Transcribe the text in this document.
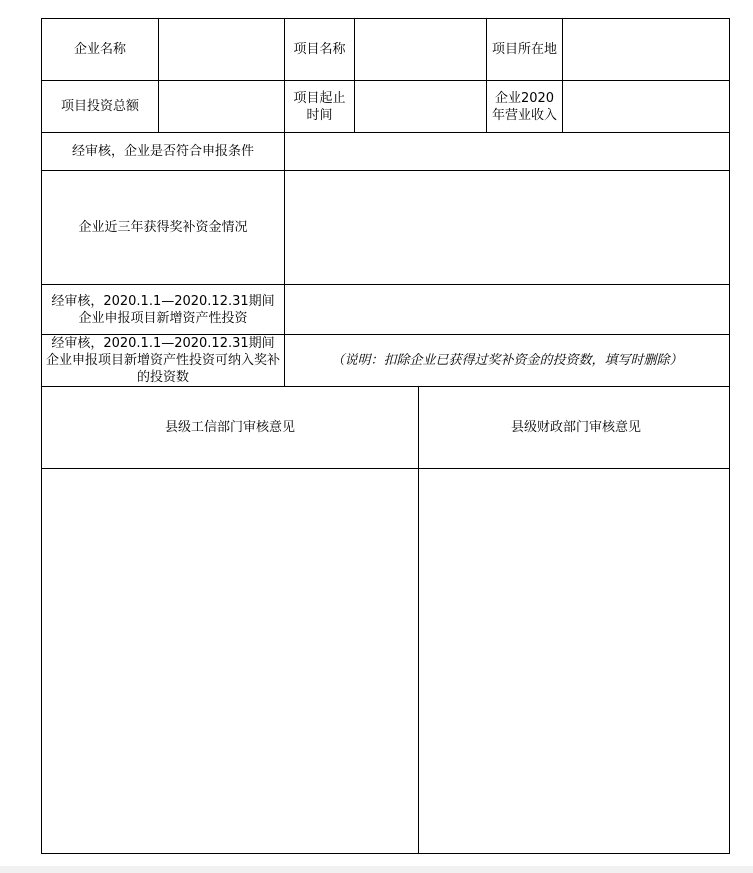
企业名称		项目名称			项目所在地	
项目投资总额		项目起止时间			企业2020年营业收入	
经审核，企业是否符合申报条件						
企业近三年获得奖补资金情况						
经审核，2020.1.1—2020.12.31期间企业申报项目新增资产性投资						
经审核，2020.1.1—2020.12.31期间企业申报项目新增资产性投资可纳入奖补的投资数		（说明：扣除企业已获得过奖补资金的投资数，填写时删除）				
县级工信部门审核意见				县级财政部门审核意见		
